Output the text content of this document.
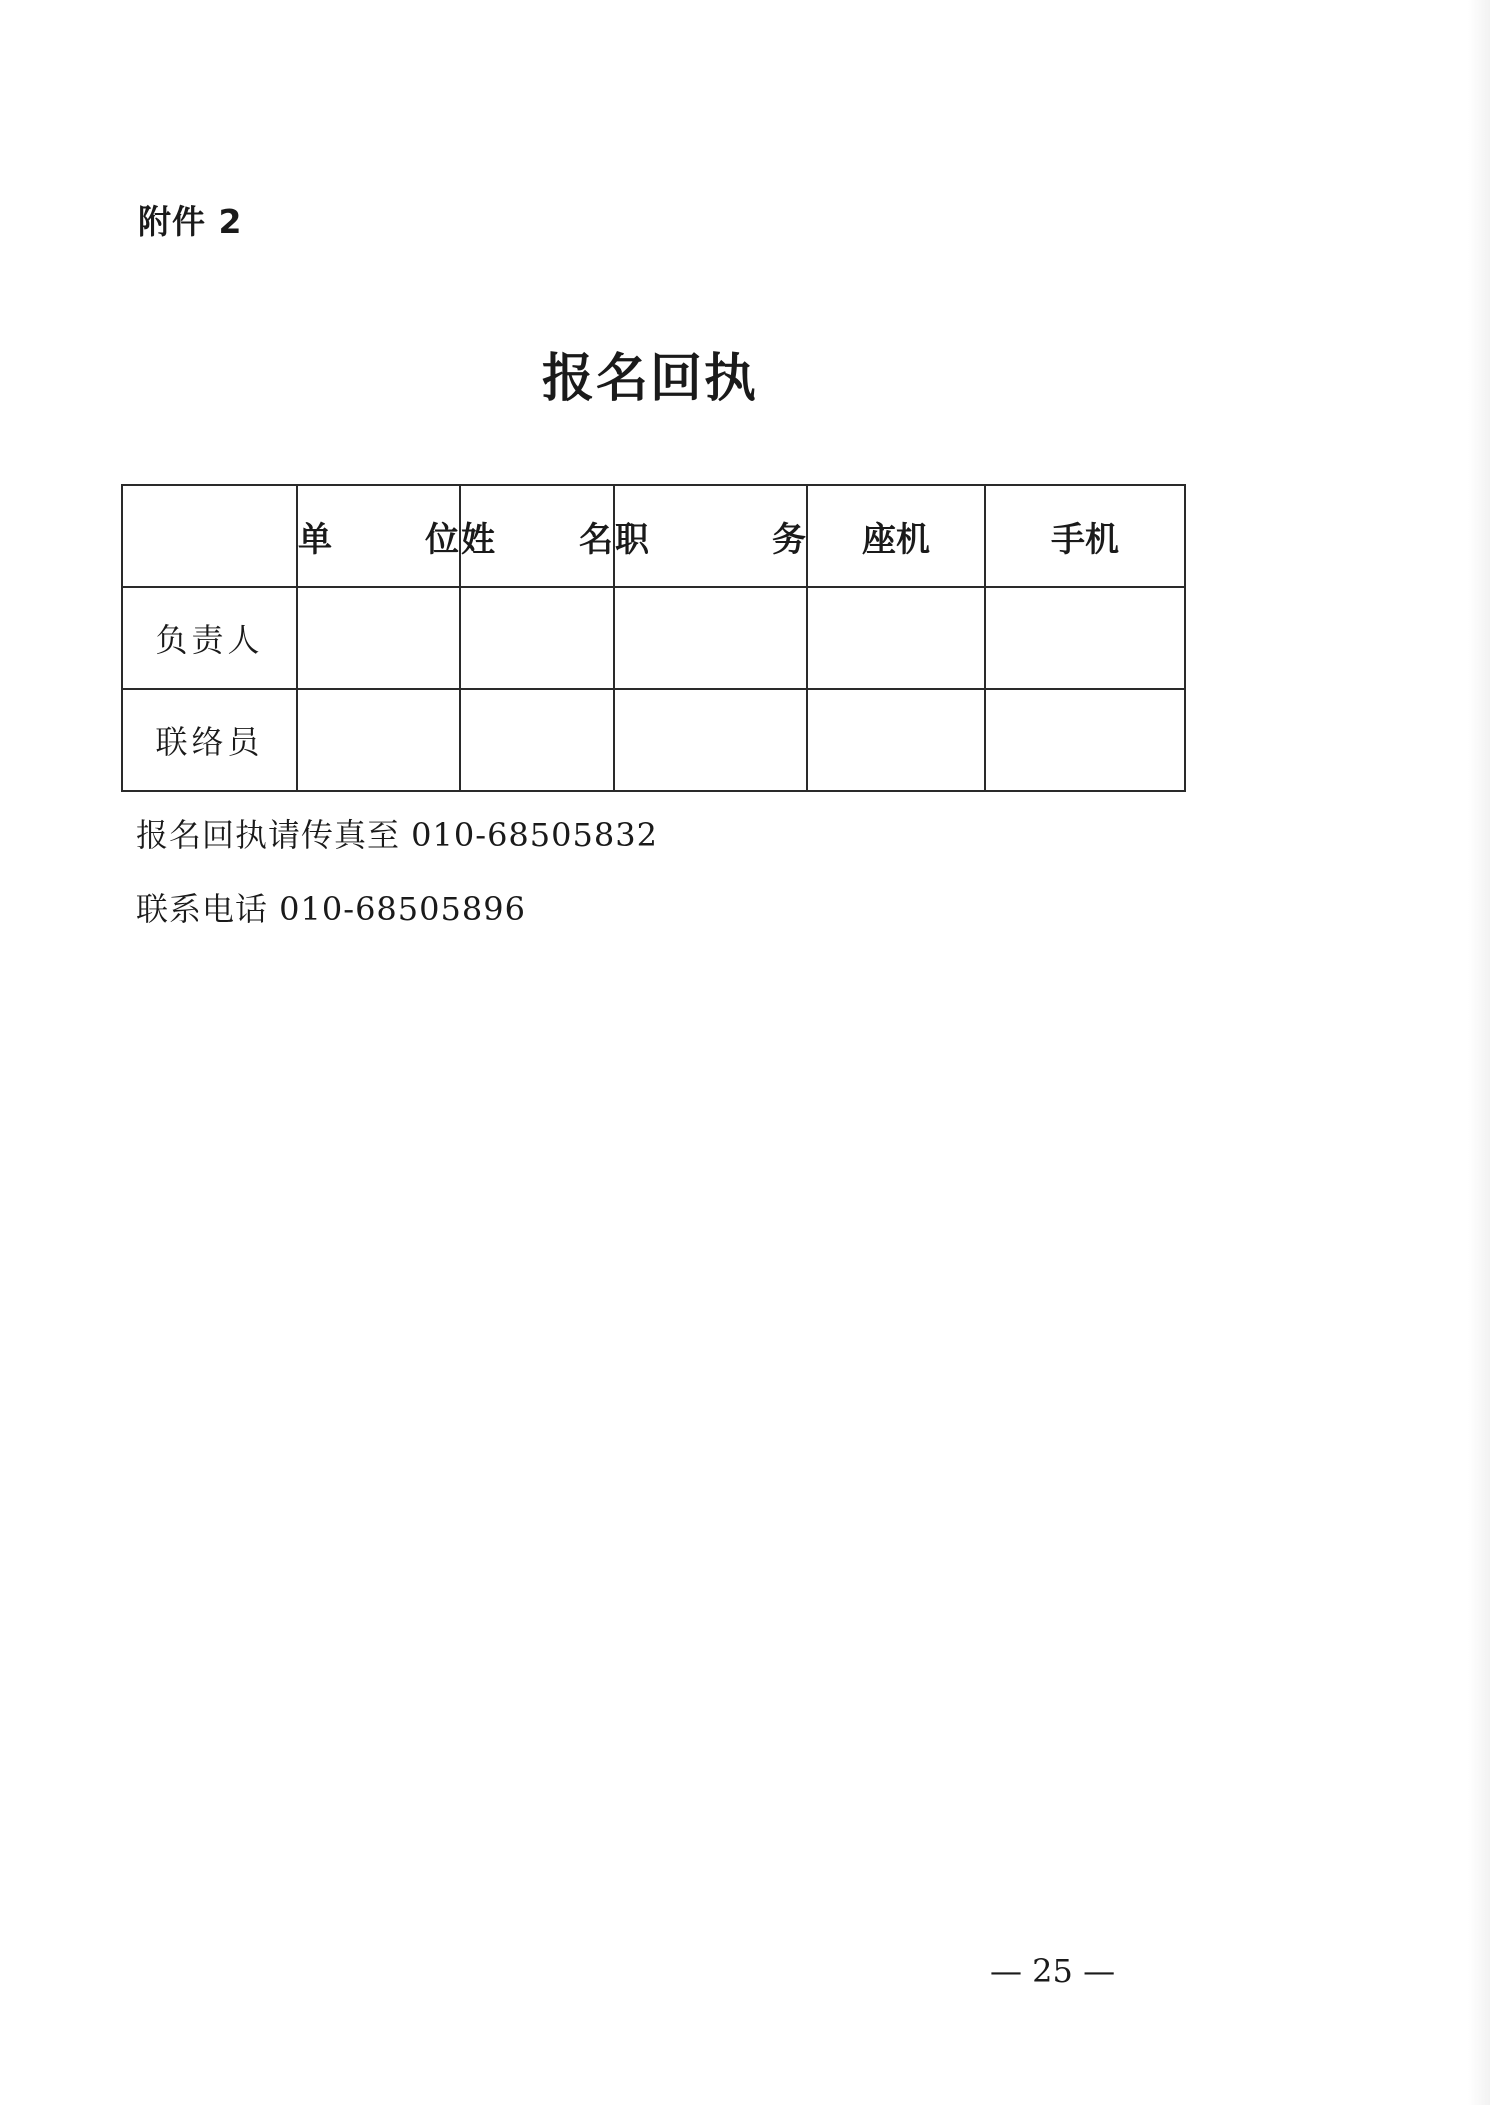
附件 2
报名回执
	单　　位	姓　　名	职　　务	座机	手机
负责人					
联络员					
报名回执请传真至 010-68505832
联系电话 010-68505896
— 25 —
